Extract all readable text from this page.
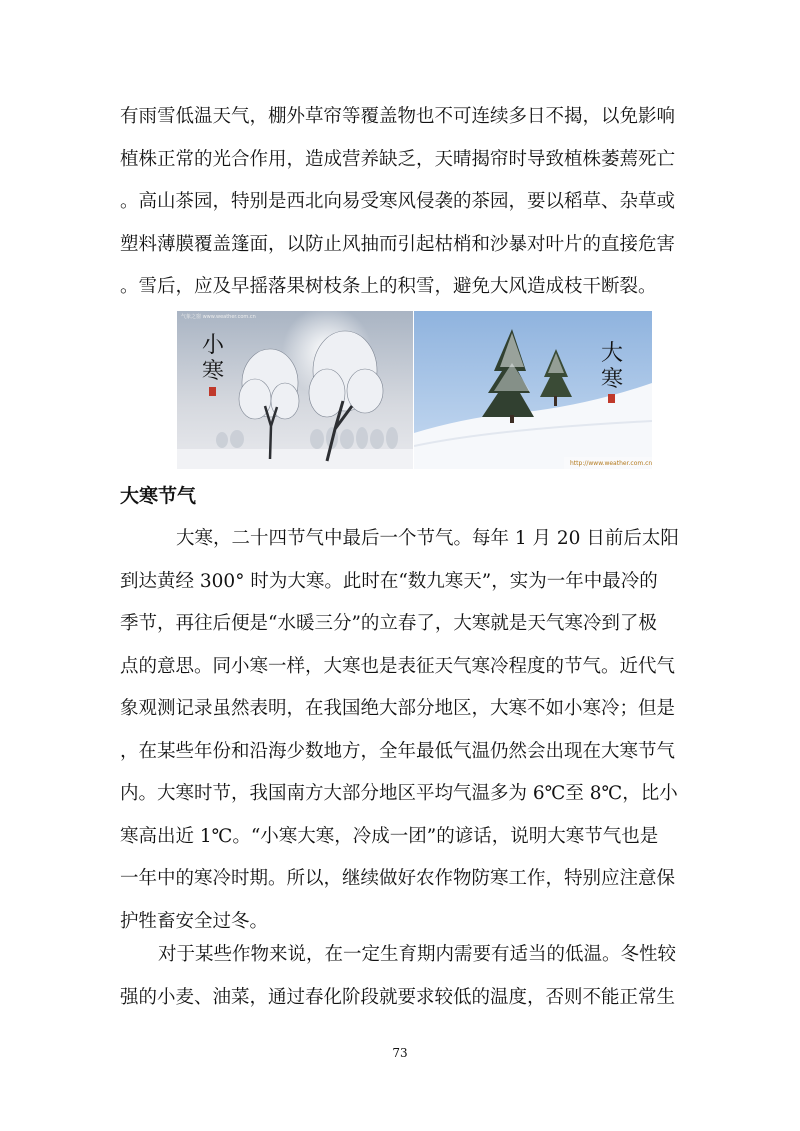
有雨雪低温天气，棚外草帘等覆盖物也不可连续多日不揭，以免影响
植株正常的光合作用，造成营养缺乏，天晴揭帘时导致植株萎蔫死亡
。高山茶园，特别是西北向易受寒风侵袭的茶园，要以稻草、杂草或
塑料薄膜覆盖篷面，以防止风抽而引起枯梢和沙暴对叶片的直接危害
。雪后，应及早摇落果树枝条上的积雪，避免大风造成枝干断裂。
小寒
气象之窗 www.weather.com.cn
大寒
http://www.weather.com.cn
大寒节气
大寒，二十四节气中最后一个节气。每年 1 月 20 日前后太阳
到达黄经 300° 时为大寒。此时在“数九寒天”，实为一年中最冷的
季节，再往后便是“水暖三分”的立春了，大寒就是天气寒冷到了极
点的意思。同小寒一样，大寒也是表征天气寒冷程度的节气。近代气
象观测记录虽然表明，在我国绝大部分地区，大寒不如小寒冷；但是
，在某些年份和沿海少数地方，全年最低气温仍然会出现在大寒节气
内。大寒时节，我国南方大部分地区平均气温多为 6℃至 8℃，比小
寒高出近 1℃。“小寒大寒，冷成一团”的谚话，说明大寒节气也是
一年中的寒冷时期。所以，继续做好农作物防寒工作，特别应注意保
护牲畜安全过冬。
对于某些作物来说，在一定生育期内需要有适当的低温。冬性较
强的小麦、油菜，通过春化阶段就要求较低的温度，否则不能正常生
73
